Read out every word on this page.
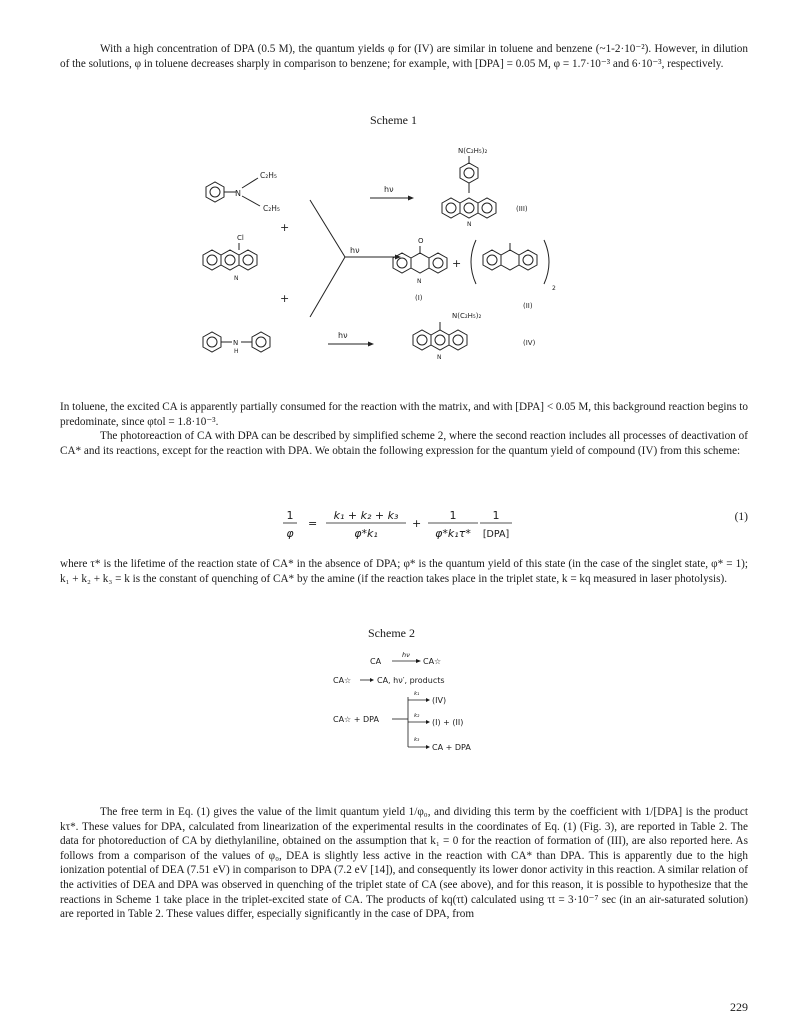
With a high concentration of DPA (0.5 M), the quantum yields φ for (IV) are similar in toluene and benzene (~1-2·10⁻²). However, in dilution of the solutions, φ in toluene decreases sharply in comparison to benzene; for example, with [DPA] = 0.05 M, φ = 1.7·10⁻³ and 6·10⁻³, respectively.

Scheme 1
N
C₂H₅
C₂H₅
hν
N(C₂H₅)₂
N
(III)
+
Cl
N
hν
O
N
(I)
+
2
(II)
+
N
H
hν
N(C₂H₅)₂
N
(IV)

In toluene, the excited CA is apparently partially consumed for the reaction with the matrix, and with [DPA] < 0.05 M, this background reaction begins to predominate, since φtol = 1.8·10⁻³.

The photoreaction of CA with DPA can be described by simplified scheme 2, where the second reaction includes all processes of deactivation of CA* and its reactions, except for the reaction with DPA. We obtain the following expression for the quantum yield of compound (IV) from this scheme:

1
φ
=
k₁ + k₂ + k₃
φ*k₁
+
1
φ*k₁τ*
1
[DPA]
(1)

where τ* is the lifetime of the reaction state of CA* in the absence of DPA; φ* is the quantum yield of this state (in the case of the singlet state, φ* = 1); k₁ + k₂ + k₃ = k is the constant of quenching of CA* by the amine (if the reaction takes place in the triplet state, k = kq measured in laser photolysis).

Scheme 2
hν
CA	CA☆
CA☆	CA, hν′, products
CA☆ + DPA
k₁
(IV)
k₂
(I) + (II)
k₃
CA + DPA

The free term in Eq. (1) gives the value of the limit quantum yield 1/φ₀, and dividing this term by the coefficient with 1/[DPA] is the product kτ*. These values for DPA, calculated from linearization of the experimental results in the coordinates of Eq. (1) (Fig. 3), are reported in Table 2. The data for photoreduction of CA by diethylaniline, obtained on the assumption that k₁ = 0 for the reaction of formation of (III), are also reported here. As follows from a comparison of the values of φ₀, DEA is slightly less active in the reaction with CA* than DPA. This is apparently due to the high ionization potential of DEA (7.51 eV) in comparison to DPA (7.2 eV [14]), and consequently its lower donor activity in this reaction. A similar relation of the activities of DEA and DPA was observed in quenching of the triplet state of CA (see above), and for this reason, it is possible to hypothesize that the reactions in Scheme 1 take place in the triplet-excited state of CA. The products of kq(τt) calculated using τt = 3·10⁻⁷ sec (in an air-saturated solution) are reported in Table 2. These values differ, especially significantly in the case of DPA, from

229
